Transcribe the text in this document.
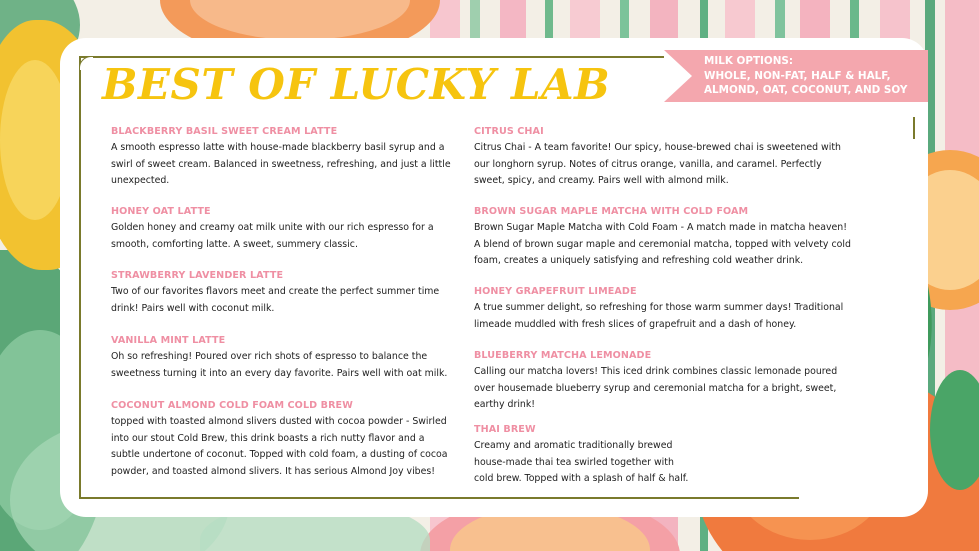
BEST OF LUCKY LAB	MILK OPTIONS:
WHOLE, NON-FAT, HALF & HALF,
ALMOND, OAT, COCONUT, AND SOY
BLACKBERRY BASIL SWEET CREAM LATTE

A smooth espresso latte with house-made blackberry basil syrup and a swirl of sweet cream. Balanced in sweetness, refreshing, and just a little unexpected.

HONEY OAT LATTE

Golden honey and creamy oat milk unite with our rich espresso for a smooth, comforting latte. A sweet, summery classic.

STRAWBERRY LAVENDER LATTE

Two of our favorites flavors meet and create the perfect summer time drink! Pairs well with coconut milk.

VANILLA MINT LATTE

Oh so refreshing! Poured over rich shots of espresso to balance the sweetness turning it into an every day favorite. Pairs well with oat milk.

COCONUT ALMOND COLD FOAM COLD BREW

topped with toasted almond slivers dusted with cocoa powder - Swirled into our stout Cold Brew, this drink boasts a rich nutty flavor and a subtle undertone of coconut. Topped with cold foam, a dusting of cocoa powder, and toasted almond slivers. It has serious Almond Joy vibes!

CITRUS CHAI

Citrus Chai - A team favorite! Our spicy, house-brewed chai is sweetened with our longhorn syrup. Notes of citrus orange, vanilla, and caramel. Perfectly sweet, spicy, and creamy. Pairs well with almond milk.

BROWN SUGAR MAPLE MATCHA WITH COLD FOAM

Brown Sugar Maple Matcha with Cold Foam - A match made in matcha heaven! A blend of brown sugar maple and ceremonial matcha, topped with velvety cold foam, creates a uniquely satisfying and refreshing cold weather drink.

HONEY GRAPEFRUIT LIMEADE

A true summer delight, so refreshing for those warm summer days! Traditional limeade muddled with fresh slices of grapefruit and a dash of honey.

BLUEBERRY MATCHA LEMONADE

Calling our matcha lovers! This iced drink combines classic lemonade poured over housemade blueberry syrup and ceremonial matcha for a bright, sweet, earthy drink!

THAI BREW

Creamy and aromatic traditionally brewed house-made thai tea swirled together with cold brew. Topped with a splash of half & half.
